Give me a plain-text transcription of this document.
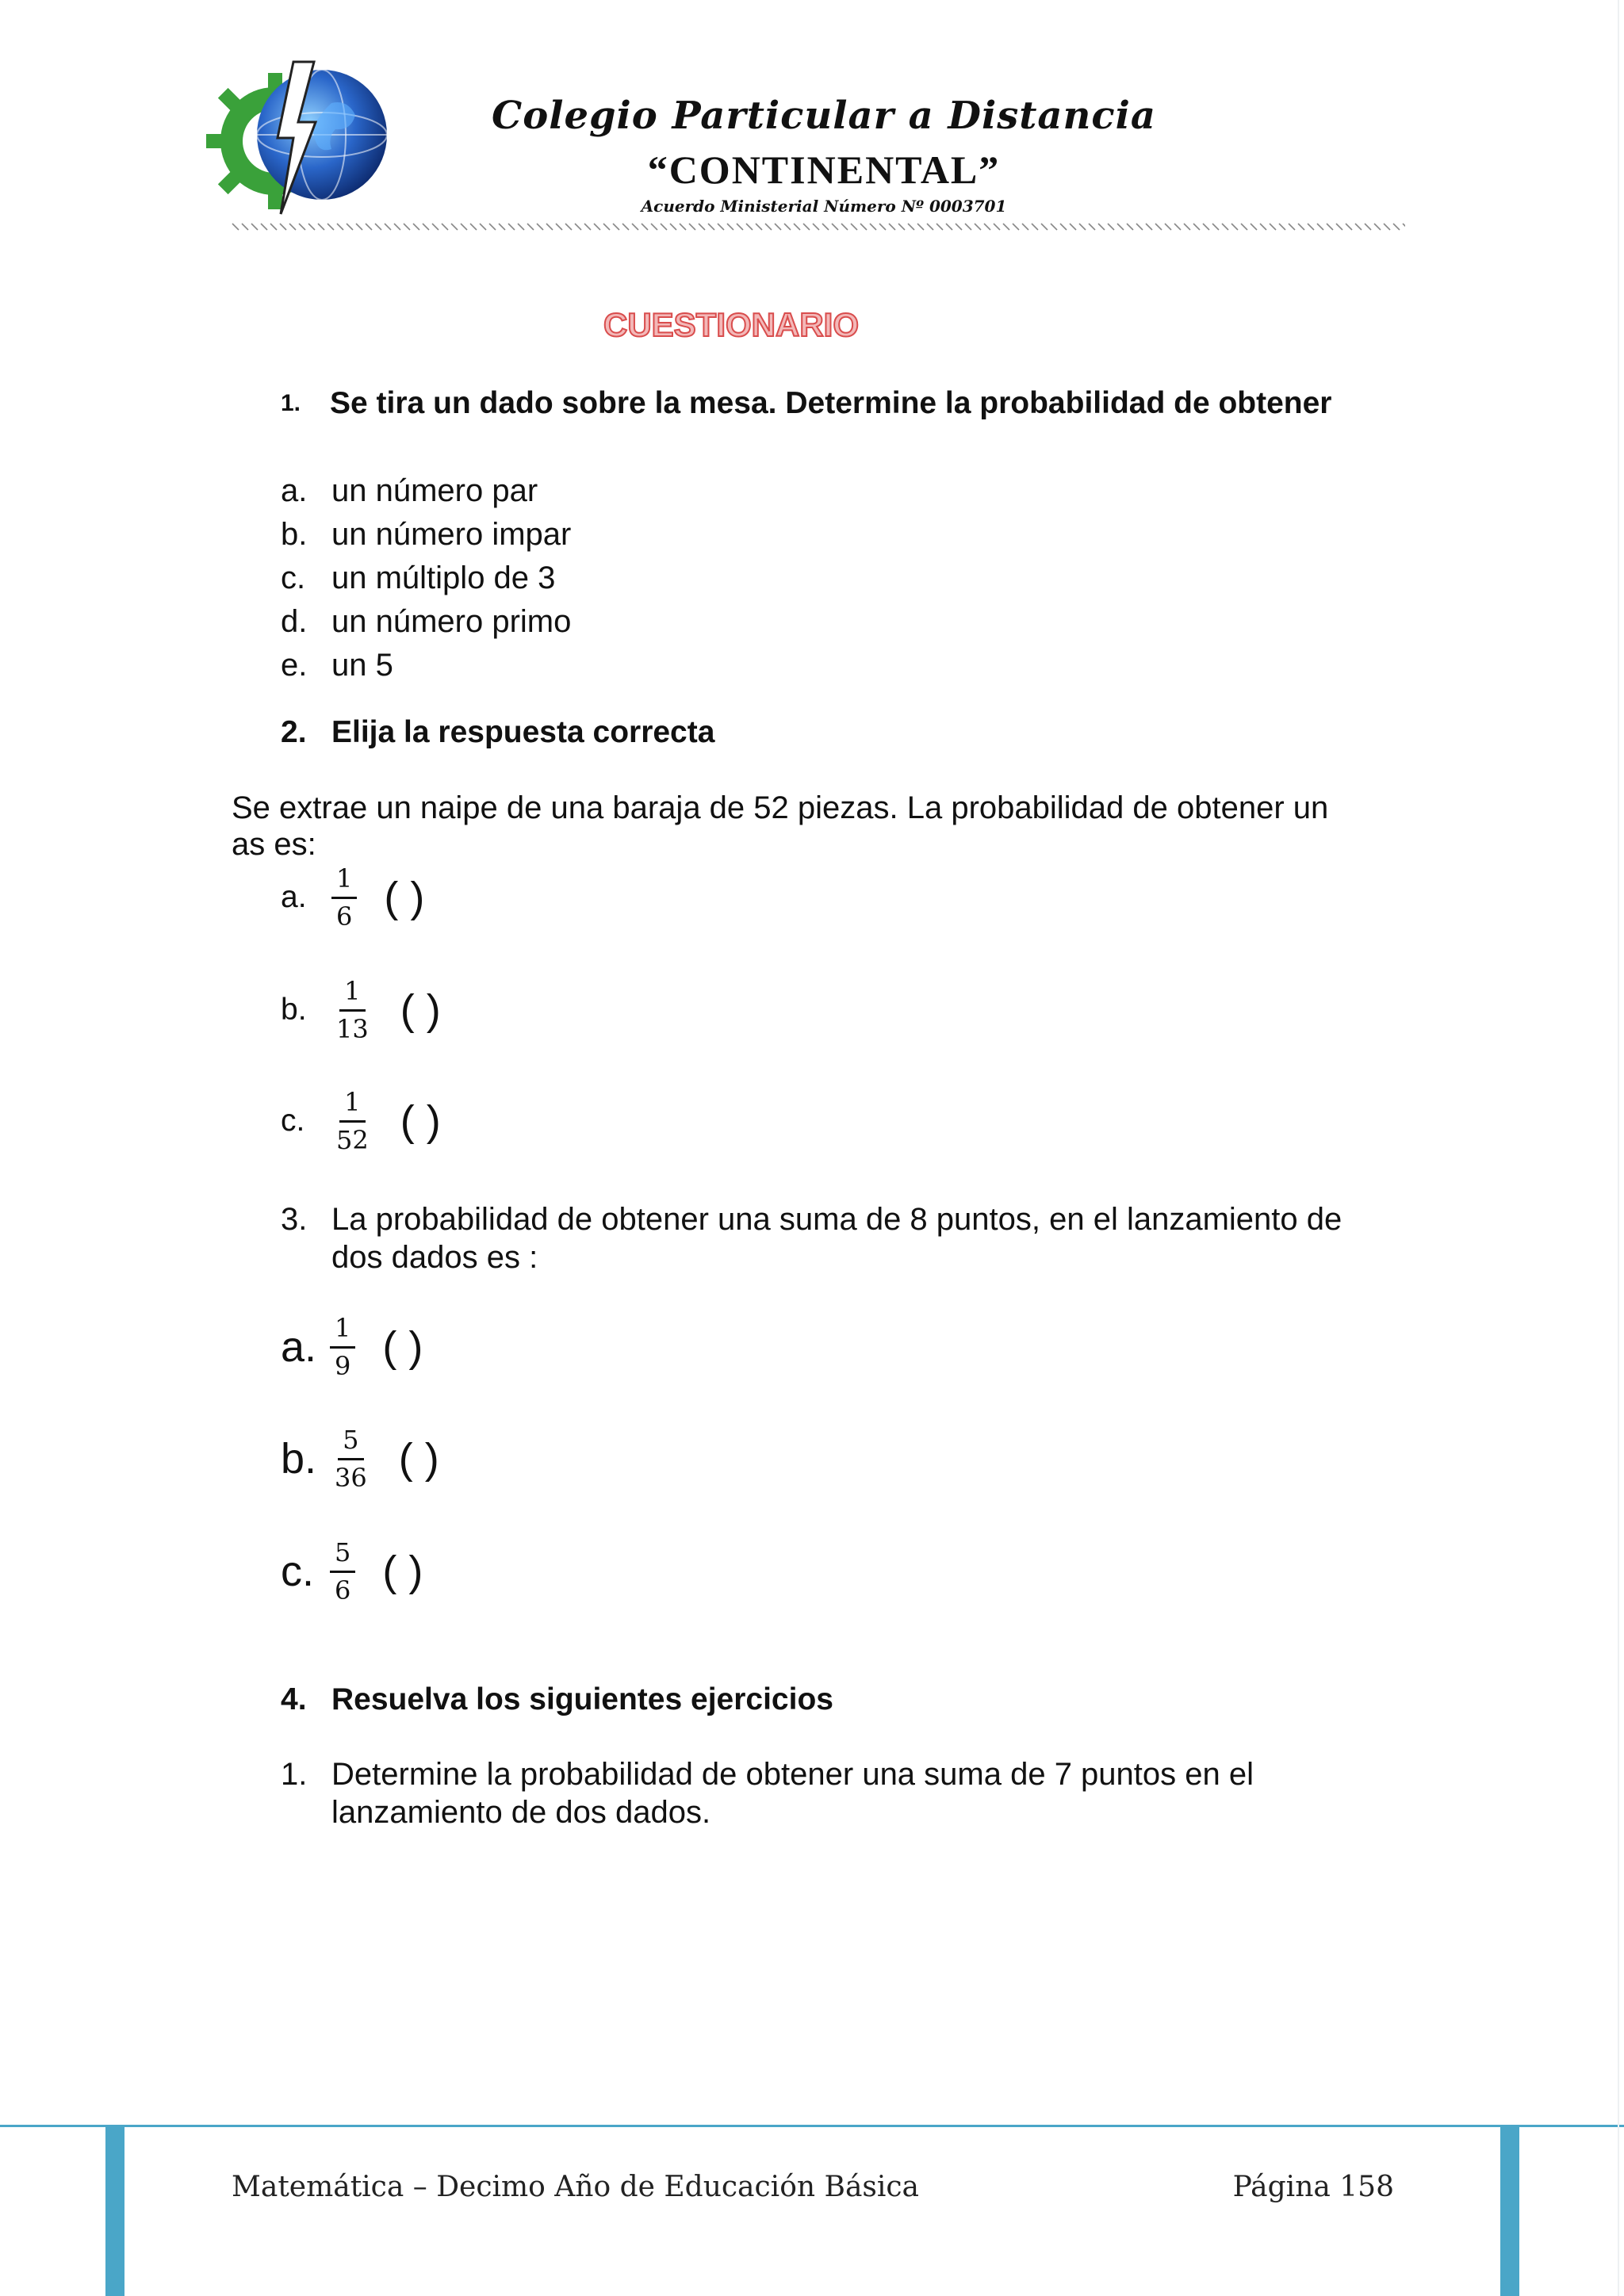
Colegio Particular a Distancia
“CONTINENTAL”
Acuerdo Ministerial Número Nº 0003701
CUESTIONARIO
1. Se tira un dado sobre la mesa. Determine la probabilidad de obtener
a. un número par
b. un número impar
c. un múltiplo de 3
d. un número primo
e. un 5
2. Elija la respuesta correcta
Se extrae un naipe de una baraja de 52 piezas. La probabilidad de obtener un
as es:
a. $\frac{1}{6}$ ( )
b. $\frac{1}{13}$ ( )
c.	$\frac{1}{52}$ ( )
3. La probabilidad de obtener una suma de 8 puntos, en el lanzamiento de
dos dados es :
a. $\frac{1}{9}$ ( )
b. $\frac{5}{36}$ ( )
c. $\frac{5}{6}$ ( )
4. Resuelva los siguientes ejercicios
1. Determine la probabilidad de obtener una suma de 7 puntos en el
lanzamiento de dos dados.
Matemática – Decimo Año de Educación Básica	Página 158
